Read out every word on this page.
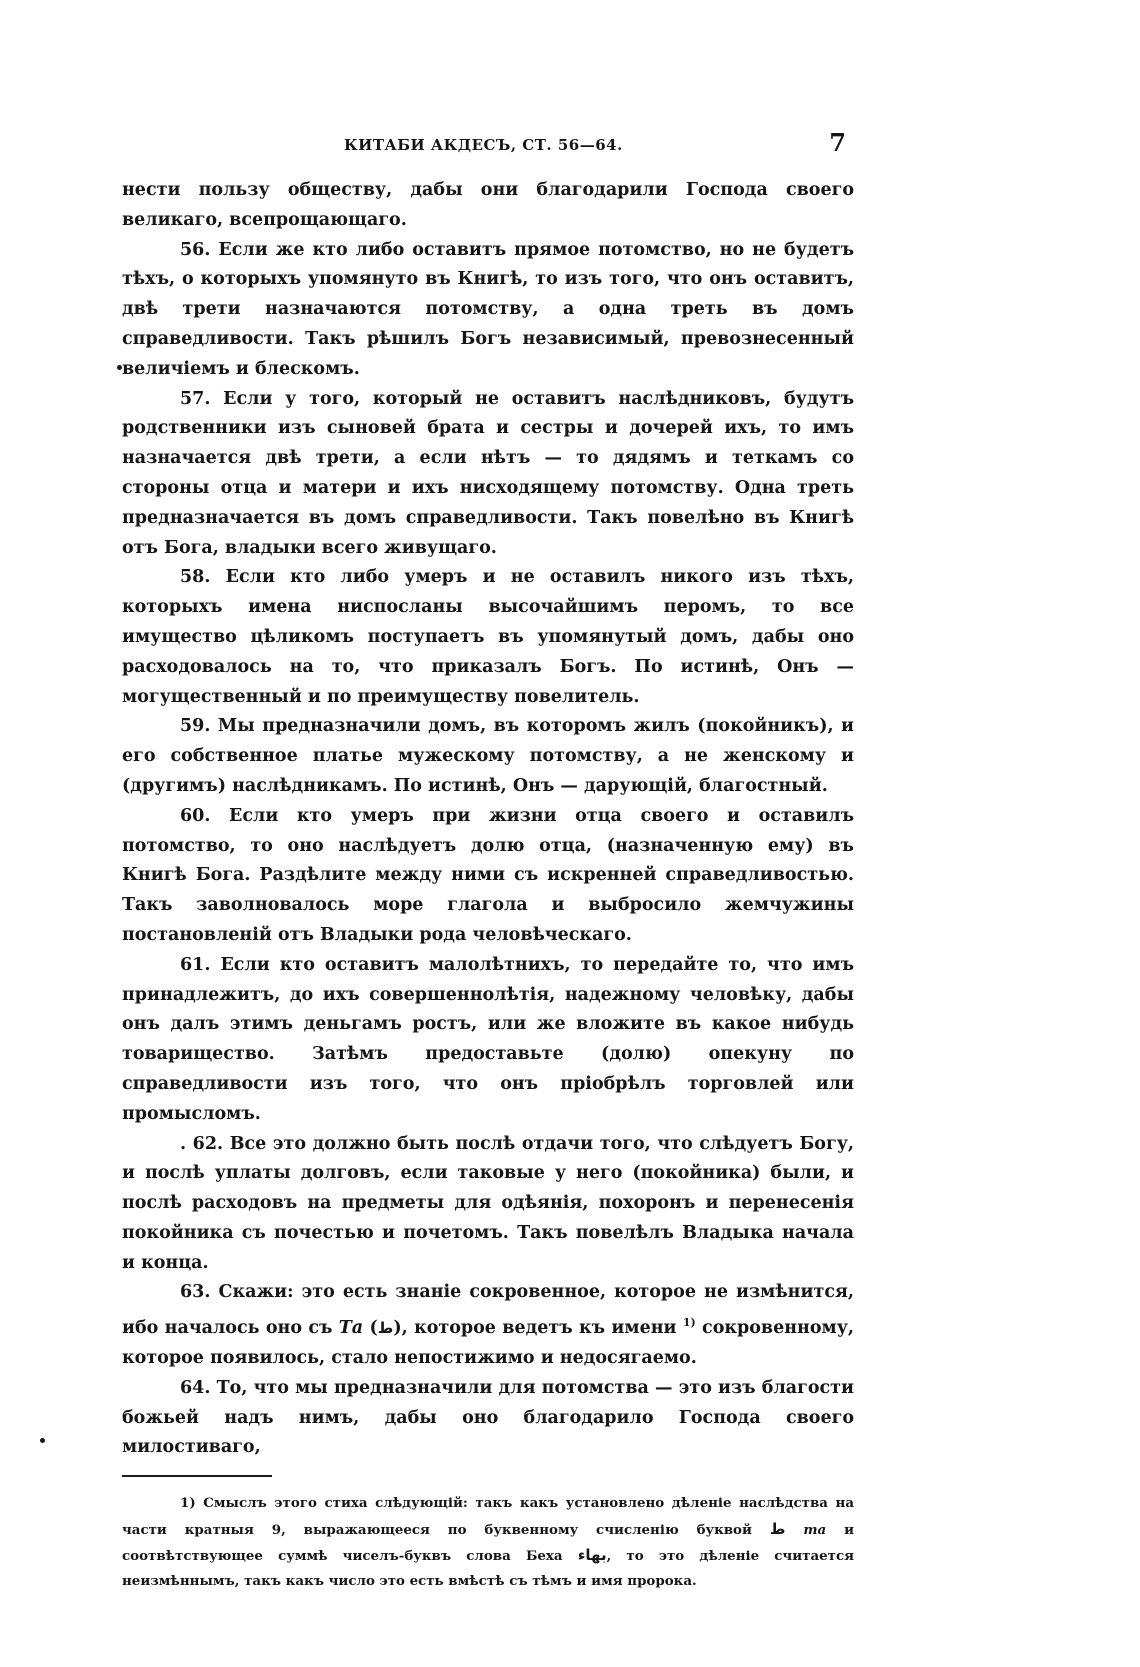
КИТАБИ АКДЕСЪ, СТ. 56—64.	7

нести пользу обществу, дабы они благодарили Господа своего великаго, всепрощающаго.

56. Если же кто либо оставитъ прямое потомство, но не будетъ тѣхъ, о которыхъ упомянуто въ Книгѣ, то изъ того, что онъ оставитъ, двѣ трети назначаются потомству, а одна треть въ домъ справедливости. Такъ рѣшилъ Богъ независимый, превознесенный величіемъ и блескомъ.

57. Если у того, который не оставитъ наслѣдниковъ, будутъ родственники изъ сыновей брата и сестры и дочерей ихъ, то имъ назначается двѣ трети, а если нѣтъ — то дядямъ и теткамъ со стороны отца и матери и ихъ нисходящему потомству. Одна треть предназначается въ домъ справедливости. Такъ повелѣно въ Книгѣ отъ Бога, владыки всего живущаго.

58. Если кто либо умеръ и не оставилъ никого изъ тѣхъ, которыхъ имена ниспосланы высочайшимъ перомъ, то все имущество цѣликомъ поступаетъ въ упомянутый домъ, дабы оно расходовалось на то, что приказалъ Богъ. По истинѣ, Онъ — могущественный и по преимуществу повелитель.

59. Мы предназначили домъ, въ которомъ жилъ (покойникъ), и его собственное платье мужескому потомству, а не женскому и (другимъ) наслѣдникамъ. По истинѣ, Онъ — дарующій, благостный.

60. Если кто умеръ при жизни отца своего и оставилъ потомство, то оно наслѣдуетъ долю отца, (назначенную ему) въ Книгѣ Бога. Раздѣлите между ними съ искренней справедливостью. Такъ заволновалось море глагола и выбросило жемчужины постановленій отъ Владыки рода человѣческаго.

61. Если кто оставитъ малолѣтнихъ, то передайте то, что имъ принадлежитъ, до ихъ совершеннолѣтія, надежному человѣку, дабы онъ далъ этимъ деньгамъ ростъ, или же вложите въ какое нибудь товарищество. Затѣмъ предоставьте (долю) опекуну по справедливости изъ того, что онъ пріобрѣлъ торговлей или промысломъ.

. 62. Все это должно быть послѣ отдачи того, что слѣдуетъ Богу, и послѣ уплаты долговъ, если таковые у него (покойника) были, и послѣ расходовъ на предметы для одѣянія, похоронъ и перенесенія покойника съ почестью и почетомъ. Такъ повелѣлъ Владыка начала и конца.

63. Скажи: это есть знаніе сокровенное, которое не измѣнится, ибо началось оно съ Та (ط), которое ведетъ къ имени $^{1)}$ сокровенному, которое появилось, стало непостижимо и недосягаемо.

64. То, что мы предназначили для потомства — это изъ благости божьей надъ нимъ, дабы оно благодарило Господа своего милостиваго,

1) Смыслъ этого стиха слѣдующій: такъ какъ установлено дѣленіе наслѣдства на части кратныя 9, выражающееся по буквенному счисленію буквой ط та и соотвѣтствующее суммѣ чиселъ-буквъ слова Беха بهاء, то это дѣленіе считается неизмѣннымъ, такъ какъ число это есть вмѣстѣ съ тѣмъ и имя пророка.
